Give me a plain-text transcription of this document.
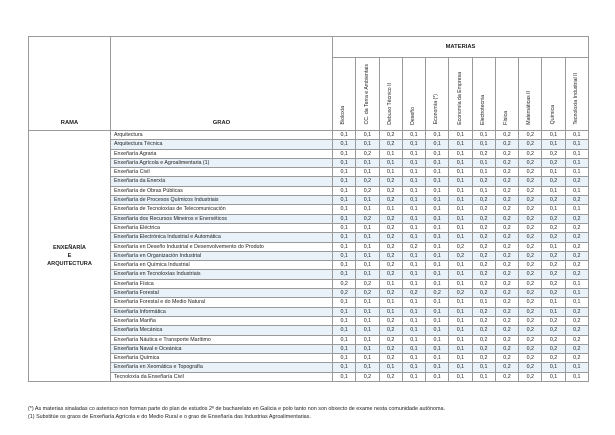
RAMA	GRAO	MATERIAS										
		Bioloxía	CC. da Terra e Ambientais	Debuxo Técnico II	Deseño	Economía (*)	Economía da Empresa	Electrotecnia	Física	Matemáticas II	Química	Tecnoloxía Industrial II

ENXEÑARÍA
E
ARQUITECTURA	Arquitectura	0,1	0,1	0,2	0,1	0,1	0,1	0,1	0,2	0,2	0,1	0,1
	Arquitectura Técnica	0,1	0,1	0,2	0,1	0,1	0,1	0,1	0,2	0,2	0,1	0,1
	Enxeñaría Agraria	0,1	0,2	0,1	0,1	0,1	0,1	0,2	0,2	0,2	0,2	0,1
	Enxeñaría Agrícola e Agroalimentaria (1)	0,1	0,1	0,1	0,1	0,1	0,1	0,1	0,2	0,2	0,2	0,1
	Enxeñaría Civil	0,1	0,1	0,1	0,1	0,1	0,1	0,1	0,2	0,2	0,1	0,1
	Enxeñaría da Enerxía	0,1	0,2	0,2	0,1	0,1	0,1	0,2	0,2	0,2	0,2	0,2
	Enxeñaría de Obras Públicas	0,1	0,2	0,2	0,1	0,1	0,1	0,1	0,2	0,2	0,1	0,1
	Enxeñaría de Procesos Químicos Industriais	0,1	0,1	0,2	0,1	0,1	0,1	0,2	0,2	0,2	0,2	0,2
	Enxeñaría de Tecnoloxías de Telecomunicación	0,1	0,1	0,1	0,1	0,1	0,1	0,2	0,2	0,2	0,1	0,1
	Enxeñaría dos Recursos Mineiros e Enerxéticos	0,1	0,2	0,2	0,1	0,1	0,1	0,2	0,2	0,2	0,2	0,2
	Enxeñaría Eléctrica	0,1	0,1	0,2	0,1	0,1	0,1	0,2	0,2	0,2	0,2	0,2
	Enxeñaría Electrónica Industrial e Automática	0,1	0,1	0,2	0,1	0,1	0,1	0,2	0,2	0,2	0,2	0,2
	Enxeñaría en Deseño Industrial e Desenvolvemento do Produto	0,1	0,1	0,2	0,2	0,1	0,2	0,2	0,2	0,2	0,1	0,2
	Enxeñaría en Organización Industrial	0,1	0,1	0,2	0,1	0,1	0,2	0,2	0,2	0,2	0,2	0,2
	Enxeñaría en Química Industrial	0,1	0,1	0,2	0,1	0,1	0,1	0,2	0,2	0,2	0,2	0,2
	Enxeñaría en Tecnoloxías Industriais	0,1	0,1	0,2	0,1	0,1	0,1	0,2	0,2	0,2	0,2	0,2
	Enxeñaría Física	0,2	0,2	0,1	0,1	0,1	0,1	0,2	0,2	0,2	0,2	0,1
	Enxeñaría Forestal	0,2	0,2	0,2	0,2	0,2	0,2	0,2	0,2	0,2	0,2	0,1
	Enxeñaría Forestal e do Medio Natural	0,1	0,1	0,1	0,1	0,1	0,1	0,1	0,2	0,2	0,1	0,1
	Enxeñaría Informática	0,1	0,1	0,1	0,1	0,1	0,1	0,2	0,2	0,2	0,1	0,2
	Enxeñaría Mariña	0,1	0,1	0,2	0,1	0,1	0,1	0,2	0,2	0,2	0,2	0,2
	Enxeñaría Mecánica	0,1	0,1	0,2	0,1	0,1	0,1	0,2	0,2	0,2	0,2	0,2
	Enxeñaría Náutica e Transporte Marítimo	0,1	0,1	0,2	0,1	0,1	0,1	0,2	0,2	0,2	0,2	0,2
	Enxeñaría Naval e Oceánica	0,1	0,1	0,2	0,1	0,1	0,1	0,2	0,2	0,2	0,2	0,2
	Enxeñaría Química	0,1	0,1	0,2	0,1	0,1	0,1	0,2	0,2	0,2	0,2	0,2
	Enxeñaría en Xeomática e Topografía	0,1	0,1	0,1	0,1	0,1	0,1	0,1	0,2	0,2	0,1	0,1
	Tecnoloxía da Enxeñaría Civil	0,1	0,2	0,2	0,1	0,1	0,1	0,1	0,2	0,2	0,1	0,1
(*) As materias sinaladas co asterisco non forman parte do plan de estudos 2º de bacharelato en Galicia e polo tanto non son obxecto de exame nesta comunidade autónoma.
(1) Substitúe os graos de Enxeñaría Agrícola e do Medio Rural e o grao de Enxeñaría das Industrias Agroalimentarias.
